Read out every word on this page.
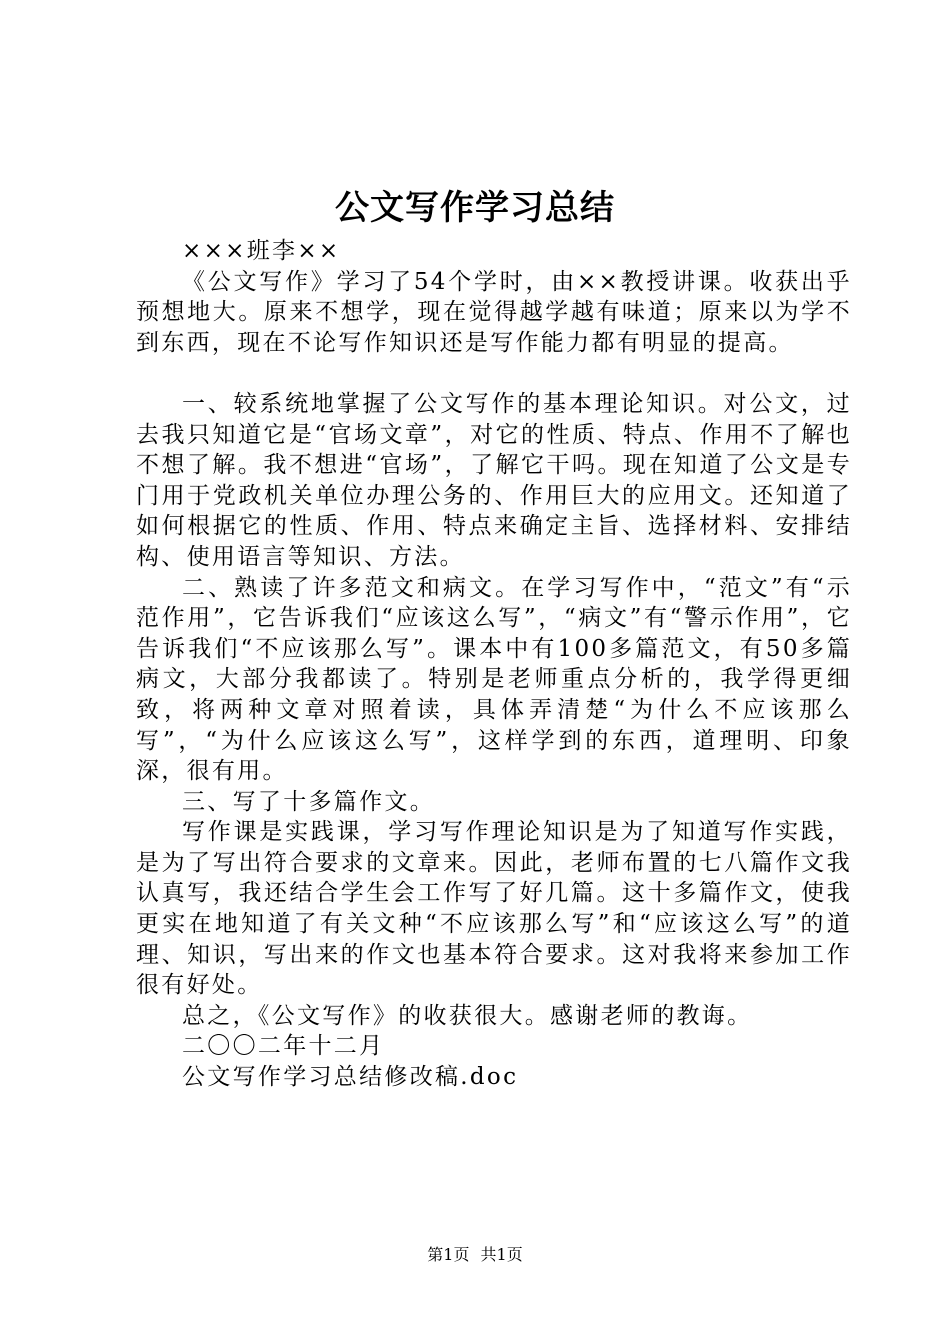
公文写作学习总结

×××班李××

《公文写作》学习了54个学时，由××教授讲课。收获出乎预想地大。原来不想学，现在觉得越学越有味道；原来以为学不到东西，现在不论写作知识还是写作能力都有明显的提高。

一、较系统地掌握了公文写作的基本理论知识。对公文，过去我只知道它是“官场文章”，对它的性质、特点、作用不了解也不想了解。我不想进“官场”，了解它干吗。现在知道了公文是专门用于党政机关单位办理公务的、作用巨大的应用文。还知道了如何根据它的性质、作用、特点来确定主旨、选择材料、安排结构、使用语言等知识、方法。

二、熟读了许多范文和病文。在学习写作中，“范文”有“示范作用”，它告诉我们“应该这么写”，“病文”有“警示作用”，它告诉我们“不应该那么写”。课本中有100多篇范文，有50多篇病文，大部分我都读了。特别是老师重点分析的，我学得更细致，将两种文章对照着读，具体弄清楚“为什么不应该那么写”，“为什么应该这么写”，这样学到的东西，道理明、印象深，很有用。

三、写了十多篇作文。

写作课是实践课，学习写作理论知识是为了知道写作实践，是为了写出符合要求的文章来。因此，老师布置的七八篇作文我认真写，我还结合学生会工作写了好几篇。这十多篇作文，使我更实在地知道了有关文种“不应该那么写”和“应该这么写”的道理、知识，写出来的作文也基本符合要求。这对我将来参加工作很有好处。

总之，《公文写作》的收获很大。感谢老师的教诲。

二〇〇二年十二月

公文写作学习总结修改稿.doc

第1页 共1页
